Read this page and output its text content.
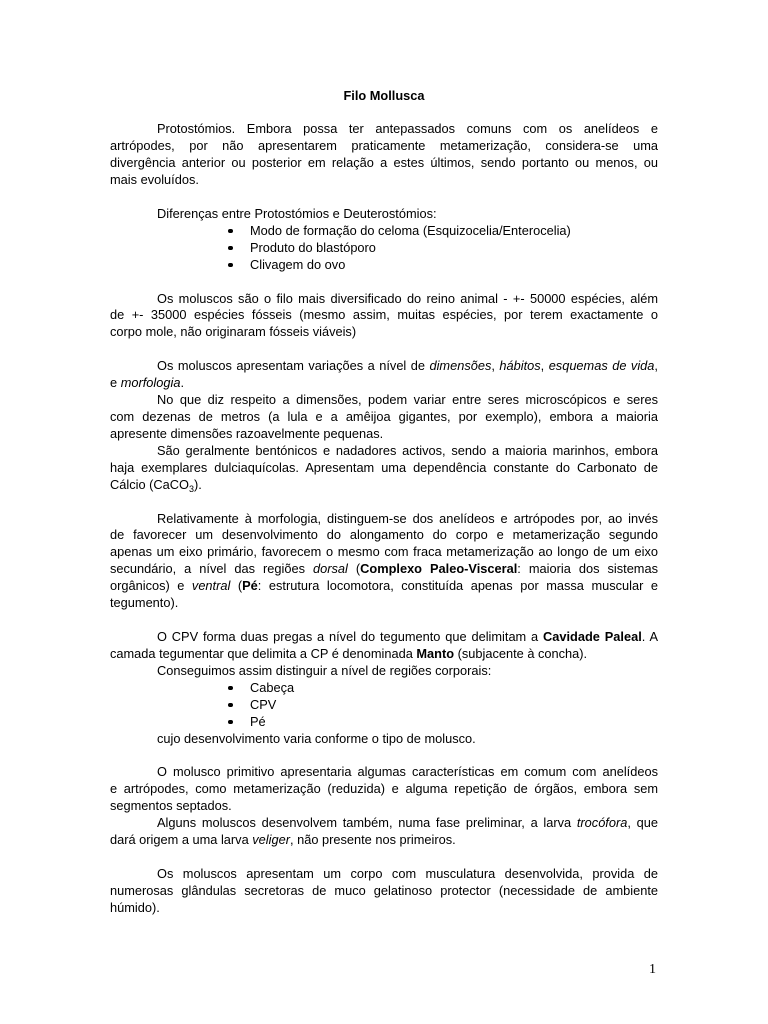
Filo Mollusca
Protostómios. Embora possa ter antepassados comuns com os anelídeos e
artrópodes, por não apresentarem praticamente metamerização, considera-se uma
divergência anterior ou posterior em relação a estes últimos, sendo portanto ou menos, ou
mais evoluídos.
Diferenças entre Protostómios e Deuterostómios:
Modo de formação do celoma (Esquizocelia/Enterocelia)
Produto do blastóporo
Clivagem do ovo
Os moluscos são o filo mais diversificado do reino animal - +- 50000 espécies, além
de +- 35000 espécies fósseis (mesmo assim, muitas espécies, por terem exactamente o
corpo mole, não originaram fósseis viáveis)
Os moluscos apresentam variações a nível de dimensões, hábitos, esquemas de vida,
e morfologia.
No que diz respeito a dimensões, podem variar entre seres microscópicos e seres
com dezenas de metros (a lula e a amêijoa gigantes, por exemplo), embora a maioria
apresente dimensões razoavelmente pequenas.
São geralmente bentónicos e nadadores activos, sendo a maioria marinhos, embora
haja exemplares dulciaquícolas. Apresentam uma dependência constante do Carbonato de
Cálcio (CaCO$_3$).
Relativamente à morfologia, distinguem-se dos anelídeos e artrópodes por, ao invés
de favorecer um desenvolvimento do alongamento do corpo e metamerização segundo
apenas um eixo primário, favorecem o mesmo com fraca metamerização ao longo de um eixo
secundário, a nível das regiões dorsal (Complexo Paleo-Visceral: maioria dos sistemas
orgânicos) e ventral (Pé: estrutura locomotora, constituída apenas por massa muscular e
tegumento).
O CPV forma duas pregas a nível do tegumento que delimitam a Cavidade Paleal. A
camada tegumentar que delimita a CP é denominada Manto (subjacente à concha).
Conseguimos assim distinguir a nível de regiões corporais:
Cabeça
CPV
Pé
cujo desenvolvimento varia conforme o tipo de molusco.
O molusco primitivo apresentaria algumas características em comum com anelídeos
e artrópodes, como metamerização (reduzida) e alguma repetição de órgãos, embora sem
segmentos septados.
Alguns moluscos desenvolvem também, numa fase preliminar, a larva trocófora, que
dará origem a uma larva veliger, não presente nos primeiros.
Os moluscos apresentam um corpo com musculatura desenvolvida, provida de
numerosas glândulas secretoras de muco gelatinoso protector (necessidade de ambiente
húmido).
1
